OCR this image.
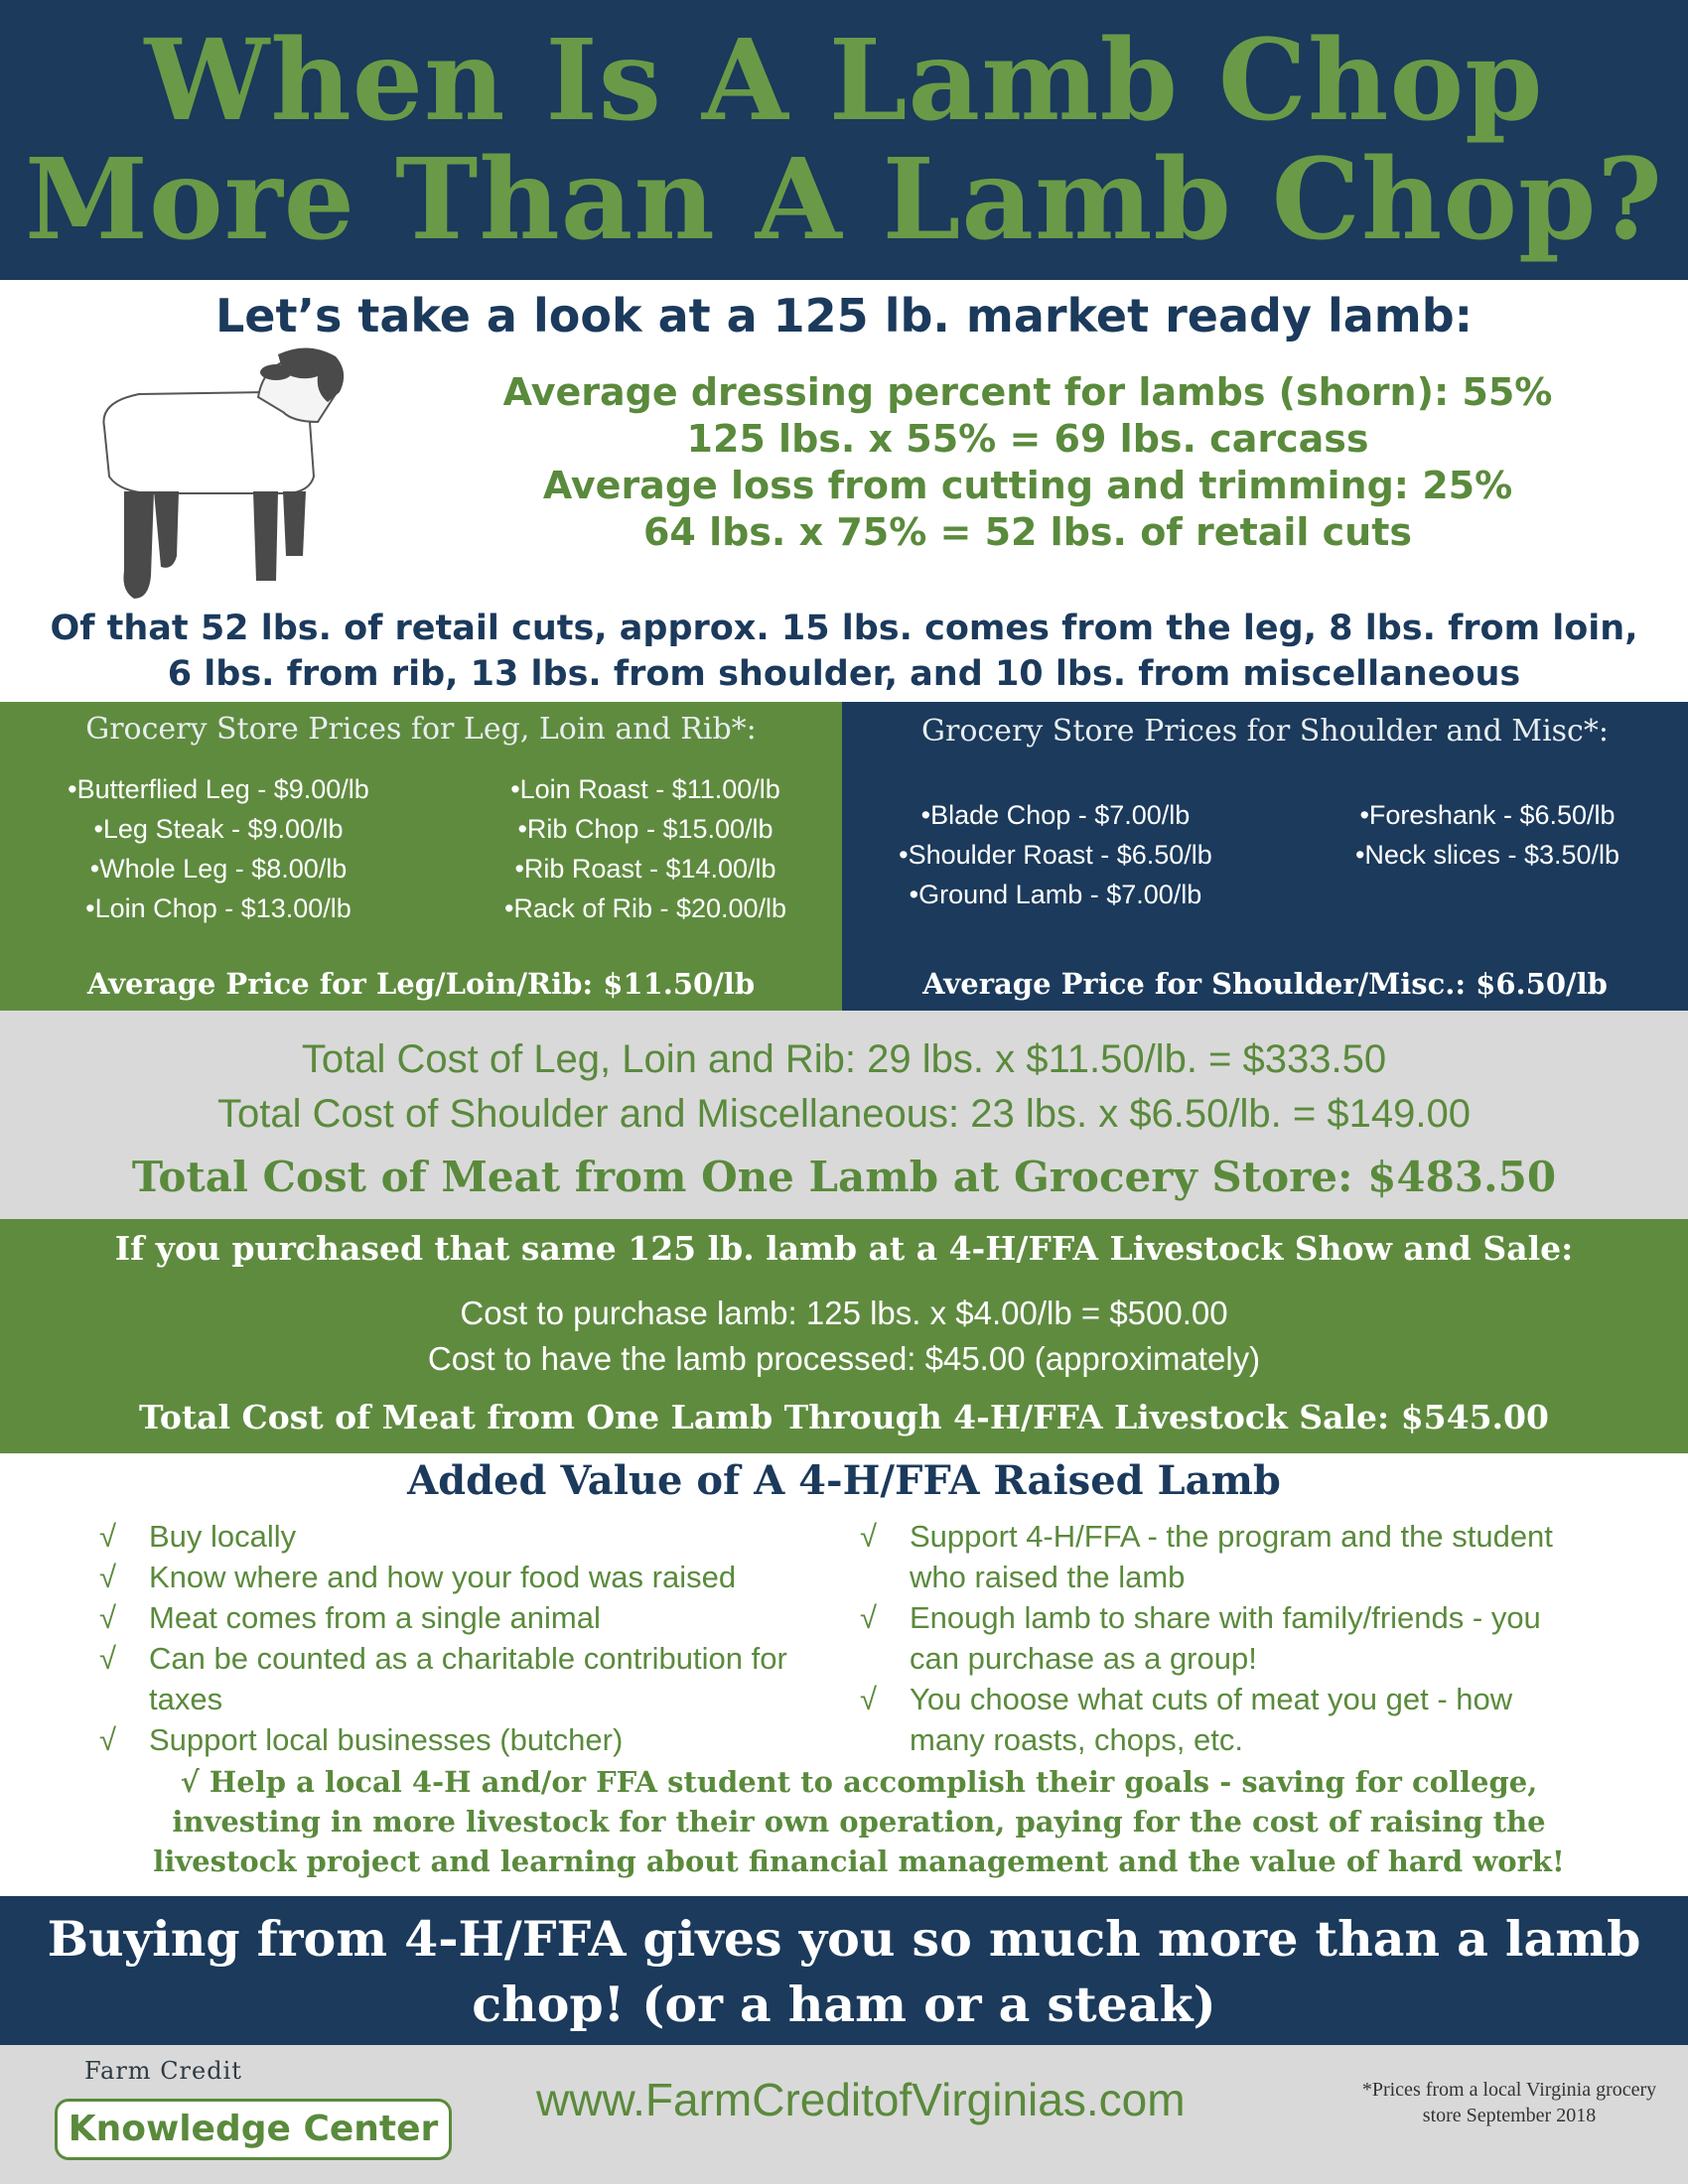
When Is A Lamb Chop
More Than A Lamb Chop?
Let’s take a look at a 125 lb. market ready lamb:
Average dressing percent for lambs (shorn): 55%
125 lbs. x 55% = 69 lbs. carcass
Average loss from cutting and trimming: 25%
64 lbs. x 75% = 52 lbs. of retail cuts
Of that 52 lbs. of retail cuts, approx. 15 lbs. comes from the leg, 8 lbs. from loin, 6 lbs. from rib, 13 lbs. from shoulder, and 10 lbs. from miscellaneous
Grocery Store Prices for Leg, Loin and Rib*:
•Butterflied Leg - $9.00/lb
•Leg Steak - $9.00/lb
•Whole Leg - $8.00/lb
•Loin Chop - $13.00/lb
•Loin Roast - $11.00/lb
•Rib Chop - $15.00/lb
•Rib Roast - $14.00/lb
•Rack of Rib - $20.00/lb
Average Price for Leg/Loin/Rib: $11.50/lb
Grocery Store Prices for Shoulder and Misc*:
•Blade Chop - $7.00/lb
•Shoulder Roast - $6.50/lb
•Ground Lamb - $7.00/lb
•Foreshank - $6.50/lb
•Neck slices - $3.50/lb
Average Price for Shoulder/Misc.: $6.50/lb
Total Cost of Leg, Loin and Rib: 29 lbs. x $11.50/lb. = $333.50
Total Cost of Shoulder and Miscellaneous: 23 lbs. x $6.50/lb. = $149.00
Total Cost of Meat from One Lamb at Grocery Store: $483.50
If you purchased that same 125 lb. lamb at a 4-H/FFA Livestock Show and Sale:
Cost to purchase lamb: 125 lbs. x $4.00/lb = $500.00
Cost to have the lamb processed: $45.00 (approximately)
Total Cost of Meat from One Lamb Through 4-H/FFA Livestock Sale: $545.00
Added Value of A 4-H/FFA Raised Lamb
√ Buy locally
√ Know where and how your food was raised
√ Meat comes from a single animal
√ Can be counted as a charitable contribution for taxes
√ Support local businesses (butcher)
√ Support 4-H/FFA - the program and the student who raised the lamb
√ Enough lamb to share with family/friends - you can purchase as a group!
√ You choose what cuts of meat you get - how many roasts, chops, etc.
√ Help a local 4-H and/or FFA student to accomplish their goals - saving for college, investing in more livestock for their own operation, paying for the cost of raising the livestock project and learning about financial management and the value of hard work!
Buying from 4-H/FFA gives you so much more than a lamb chop! (or a ham or a steak)
Farm Credit
Knowledge Center
www.FarmCreditofVirginias.com	*Prices from a local Virginia grocery store September 2018
